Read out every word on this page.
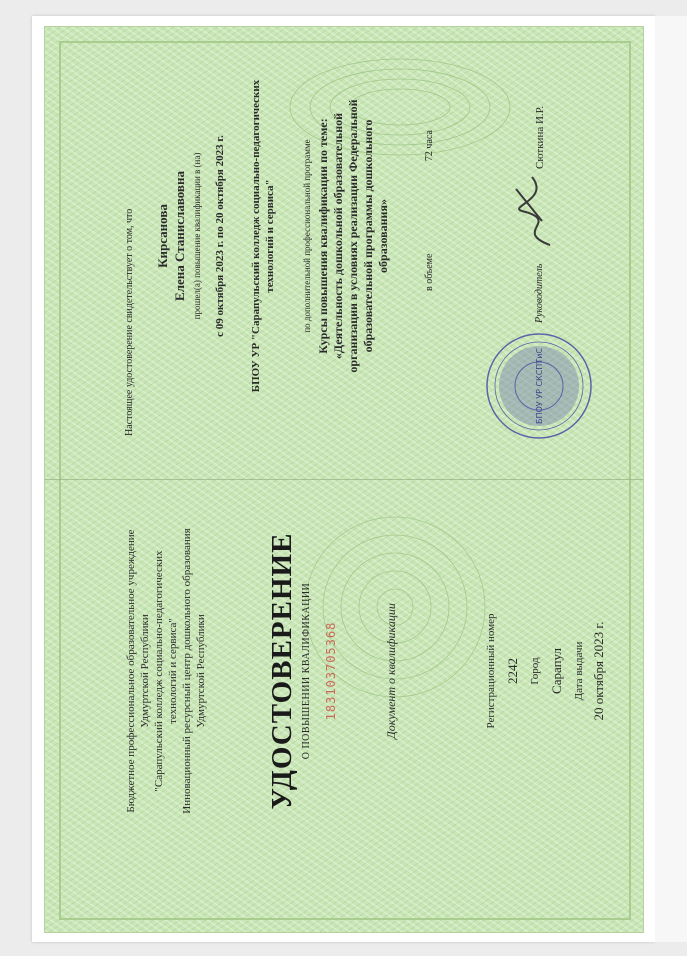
Бюджетное профессиональное образовательное учреждение Удмуртской Республики "Сарапульский колледж социально-педагогических технологий и сервиса" Инновационный ресурсный центр дошкольного образования Удмуртской Республики УДОСТОВЕРЕНИЕ О ПОВЫШЕНИИ КВАЛИФИКАЦИИ 183103705368	Документ о квалификации	Регистрационный номер 2242 Город Сарапул Дата выдачи 20 октября 2023 г.
Настоящее удостоверение свидетельствует о том, что Кирсанова Елена Станиславовна прошел(а) повышение квалификации в (на) с 09 октября 2023 г. по 20 октября 2023 г. БПОУ УР "Сарапульский колледж социально-педагогических технологий и сервиса"	по дополнительной профессиональной программе Курсы повышения квалификации по теме: «Деятельность дошкольной образовательной организации в условиях реализации Федеральной образовательной программы дошкольного образования»	в объеме 72 часа
БПОУ УР СКСПТиС
Руководитель
Сюткина И.Р.
